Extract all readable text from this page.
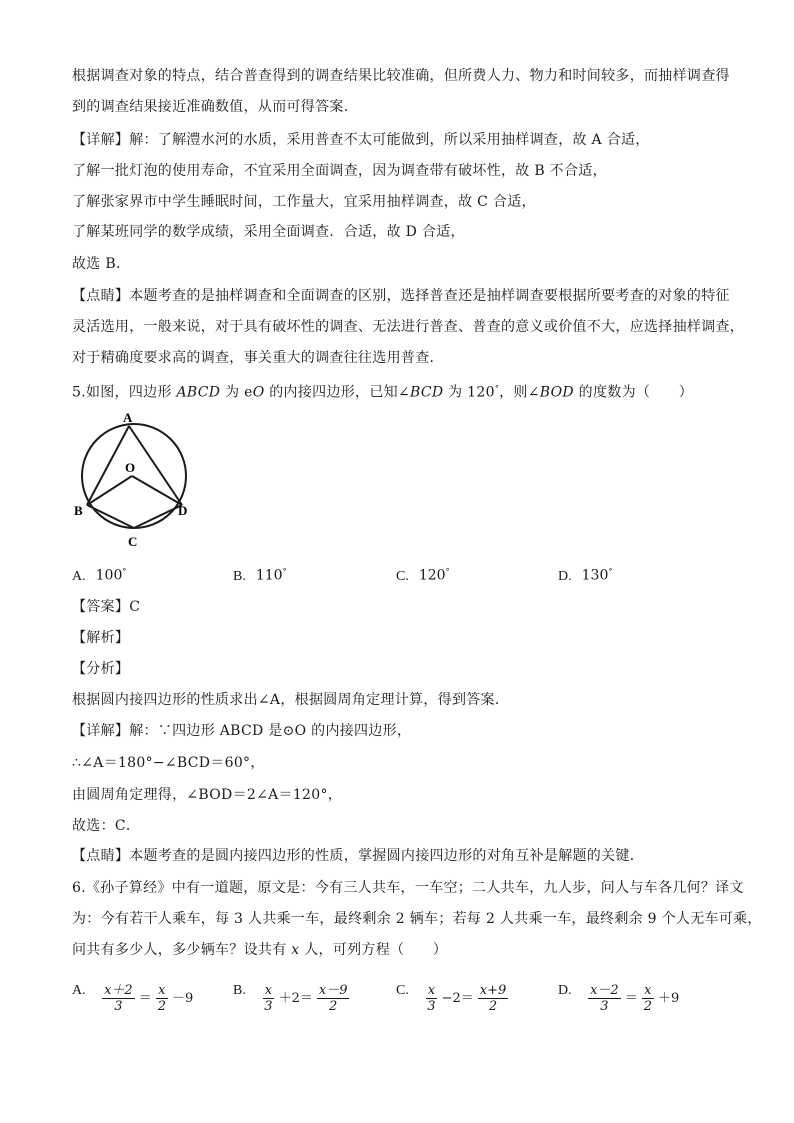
根据调查对象的特点，结合普查得到的调查结果比较准确，但所费人力、物力和时间较多，而抽样调查得
到的调查结果接近准确数值，从而可得答案．
【详解】解：了解澧水河的水质，采用普查不太可能做到，所以采用抽样调查，故 A 合适，
了解一批灯泡的使用寿命，不宜采用全面调查，因为调查带有破坏性，故 B 不合适，
了解张家界市中学生睡眠时间，工作量大，宜采用抽样调查，故 C 合适，
了解某班同学的数学成绩，采用全面调查．合适，故 D 合适，
故选 B．
【点睛】本题考查的是抽样调查和全面调查的区别，选择普查还是抽样调查要根据所要考查的对象的特征
灵活选用，一般来说，对于具有破坏性的调查、无法进行普查、普查的意义或价值不大，应选择抽样调查，
对于精确度要求高的调查，事关重大的调查往往选用普查．
5.如图，四边形 ABCD 为 eO 的内接四边形，已知∠BCD 为 120°，则∠BOD 的度数为（　　）
A
O
B	D
C
A. 100°	B. 110°	C. 120°	D. 130°
【答案】C
【解析】
【分析】
根据圆内接四边形的性质求出∠A，根据圆周角定理计算，得到答案．
【详解】解：∵四边形 ABCD 是⊙O 的内接四边形，
∴∠A＝180°−∠BCD＝60°，
由圆周角定理得，∠BOD＝2∠A＝120°，
故选：C．
【点睛】本题考查的是圆内接四边形的性质，掌握圆内接四边形的对角互补是解题的关键．
6.《孙子算经》中有一道题，原文是：今有三人共车，一车空；二人共车，九人步，问人与车各几何？译文
为：今有若干人乘车，每 3 人共乘一车，最终剩余 2 辆车；若每 2 人共乘一车，最终剩余 9 个人无车可乘，
问共有多少人，多少辆车？设共有 x 人，可列方程（　　）
A. $\frac{x+2}{3} = \frac{x}{2} -9$	B. $\frac{x}{3} +2= \frac{x-9}{2}$	C. $\frac{x}{3} -2= \frac{x+9}{2}$	D. $\frac{x-2}{3} = \frac{x}{2} +9$
